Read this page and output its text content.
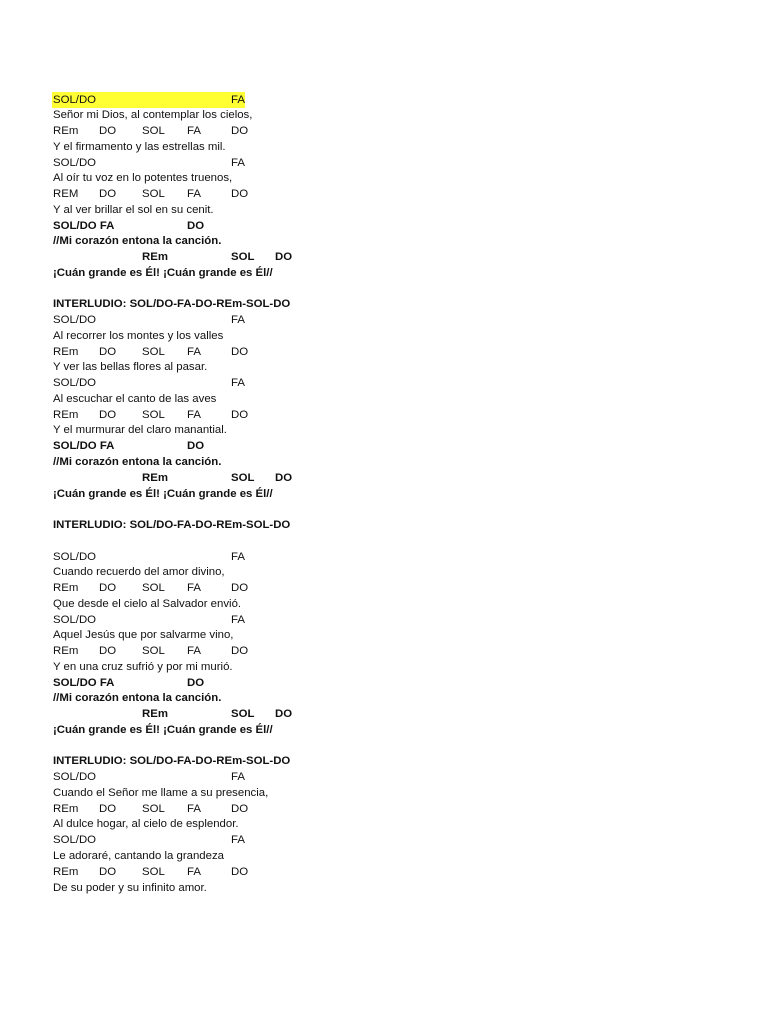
SOL/DO	FA
Señor mi Dios, al contemplar los cielos,
REm DO SOL FA	DO
Y el firmamento y las estrellas mil.
SOL/DO	FA
Al oír tu voz en lo potentes truenos,
REM DO SOL FA	DO
Y al ver brillar el sol en su cenit.
SOL/DO FA	DO
//Mi corazón entona la canción.
REm	SOL DO
¡Cuán grande es Él! ¡Cuán grande es Él//
INTERLUDIO: SOL/DO-FA-DO-REm-SOL-DO
SOL/DO	FA
Al recorrer los montes y los valles
REm DO SOL FA	DO
Y ver las bellas flores al pasar.
SOL/DO	FA
Al escuchar el canto de las aves
REm DO SOL FA	DO
Y el murmurar del claro manantial.
SOL/DO FA	DO
//Mi corazón entona la canción.
REm	SOL DO
¡Cuán grande es Él! ¡Cuán grande es Él//
INTERLUDIO: SOL/DO-FA-DO-REm-SOL-DO
SOL/DO	FA
Cuando recuerdo del amor divino,
REm DO SOL FA	DO
Que desde el cielo al Salvador envió.
SOL/DO	FA
Aquel Jesús que por salvarme vino,
REm DO SOL FA	DO
Y en una cruz sufrió y por mi murió.
SOL/DO FA	DO
//Mi corazón entona la canción.
REm	SOL DO
¡Cuán grande es Él! ¡Cuán grande es Él//
INTERLUDIO: SOL/DO-FA-DO-REm-SOL-DO
SOL/DO	FA
Cuando el Señor me llame a su presencia,
REm DO SOL FA	DO
Al dulce hogar, al cielo de esplendor.
SOL/DO	FA
Le adoraré, cantando la grandeza
REm DO SOL FA	DO
De su poder y su infinito amor.
